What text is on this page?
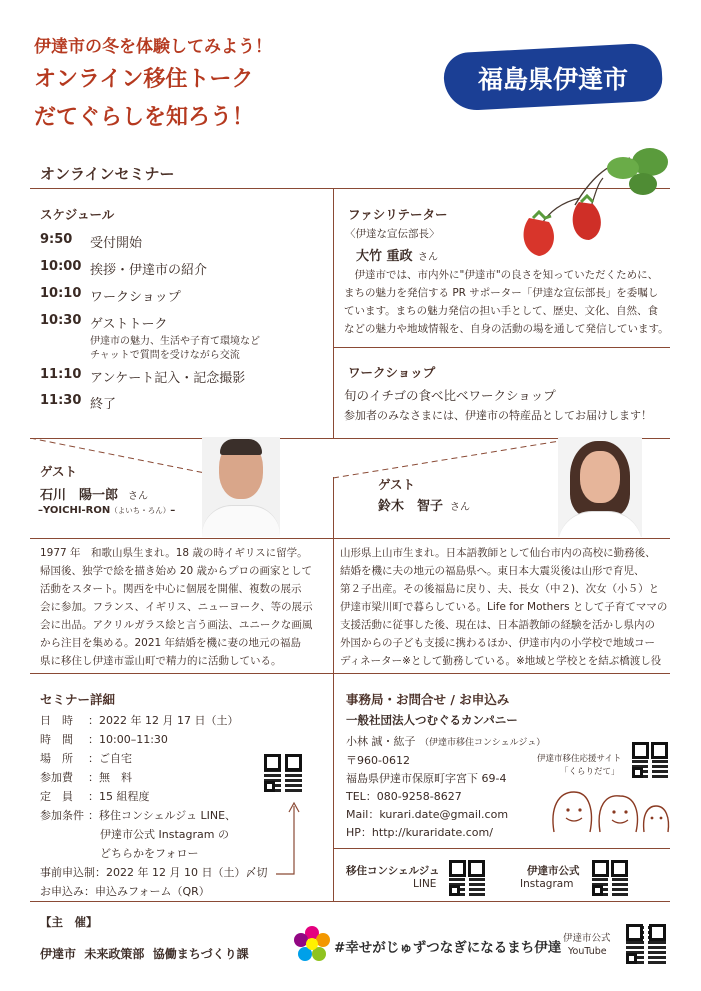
伊達市の冬を体験してみよう！
オンライン移住トーク
だてぐらしを知ろう！
福島県伊達市
オンラインセミナー
スケジュール
9:50 受付開始
10:00 挨拶・伊達市の紹介
10:10 ワークショップ
10:30 ゲストトーク
伊達市の魅力、生活や子育て環境など
チャットで質問を受けながら交流
11:10 アンケート記入・記念撮影
11:30 終了
ファシリテーター
〈伊達な宣伝部長〉
大竹 重政 さん
　伊達市では、市内外に"伊達市"の良さを知っていただくために、
まちの魅力を発信する PR サポーター「伊達な宣伝部長」を委嘱し
ています。まちの魅力発信の担い手として、歴史、文化、自然、食
などの魅力や地域情報を、自身の活動の場を通して発信しています。
ワークショップ
旬のイチゴの食べ比べワークショップ
参加者のみなさまには、伊達市の特産品としてお届けします！
ゲスト
石川　陽一郎 さん
–YOICHI-RON（よいち・ろん）–
1977 年　和歌山県生まれ。18 歳の時イギリスに留学。
帰国後、独学で絵を描き始め 20 歳からプロの画家として
活動をスタート。関西を中心に個展を開催、複数の展示
会に参加。フランス、イギリス、ニューヨーク、等の展示
会に出品。アクリルガラス絵と言う画法、ユニークな画風
から注目を集める。2021 年結婚を機に妻の地元の福島
県に移住し伊達市霊山町で精力的に活動している。
ゲスト
鈴木　智子 さん
山形県上山市生まれ。日本語教師として仙台市内の高校に勤務後、
結婚を機に夫の地元の福島県へ。東日本大震災後は山形で育児、
第２子出産。その後福島に戻り、夫、長女（中２)、次女（小５）と
伊達市梁川町で暮らしている。Life for Mothers として子育てママの
支援活動に従事した後、現在は、日本語教師の経験を活かし県内の
外国からの子ども支援に携わるほか、伊達市内の小学校で地域コー
ディネーター※として勤務している。※地域と学校とを結ぶ橋渡し役
セミナー詳細
日　時 ：2022 年 12 月 17 日（土）
時　間 ：10:00–11:30
場　所 ：ご自宅
参加費 ：無　料
定　員 ：15 組程度
参加条件 ：移住コンシェルジュ LINE、
伊達市公式 Instagram の
どちらかをフォロー
事前申込制：2022 年 12 月 10 日（土）〆切
お申込み：申込みフォーム（QR）
事務局・お問合せ / お申込み
一般社団法人つむぐるカンパニー
小林 誠・紘子 （伊達市移住コンシェルジュ）
〒960-0612
福島県伊達市保原町字宮下 69-4
TEL：080-9258-8627
Mail：kurari.date@gmail.com
HP：http://kuraridate.com/
伊達市移住応援サイト
「くらりだて」
移住コンシェルジュ
LINE
伊達市公式
Instagram
【主　催】
伊達市  未来政策部  協働まちづくり課	#幸せがじゅずつなぎになるまち伊達
伊達市公式
YouTube
